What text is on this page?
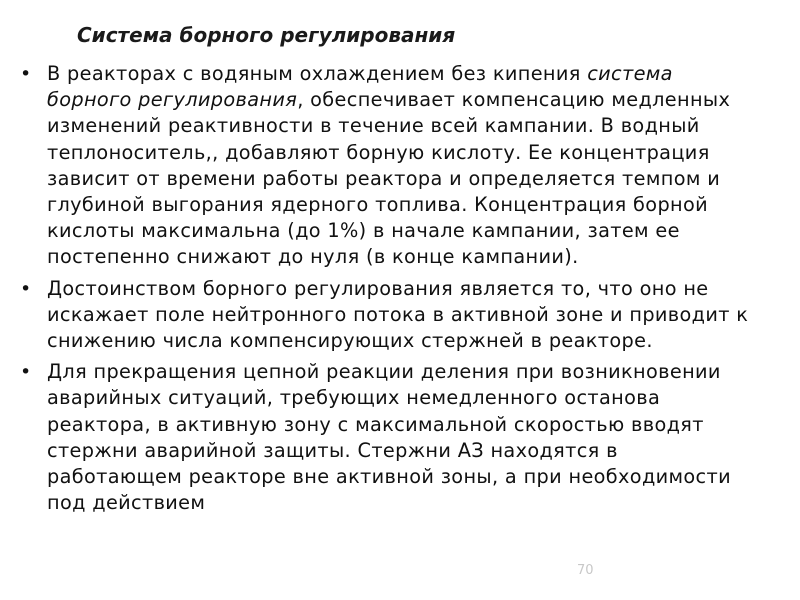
Система борного регулирования
• В реакторах с водяным охлаждением без кипения система борного регулирования, обеспечивает компенсацию медленных изменений реактивности в течение всей кампании. В водный теплоноситель,, добавляют борную кислоту. Ее концентрация зависит от времени работы реактора и определяется темпом и глубиной выгорания ядерного топлива. Концентрация борной кислоты максимальна (до 1%) в начале кампании, затем ее постепенно снижают до нуля (в конце кампании).
• Достоинством борного регулирования является то, что оно не искажает поле нейтронного потока в активной зоне и приводит к снижению числа компенсирующих стержней в реакторе.
• Для прекращения цепной реакции деления при возникновении аварийных ситуаций, требующих немедленного останова реактора, в активную зону с максимальной скоростью вводят стержни аварийной защиты. Стержни АЗ находятся в работающем реакторе вне активной зоны, а при необходимости под действием
70
